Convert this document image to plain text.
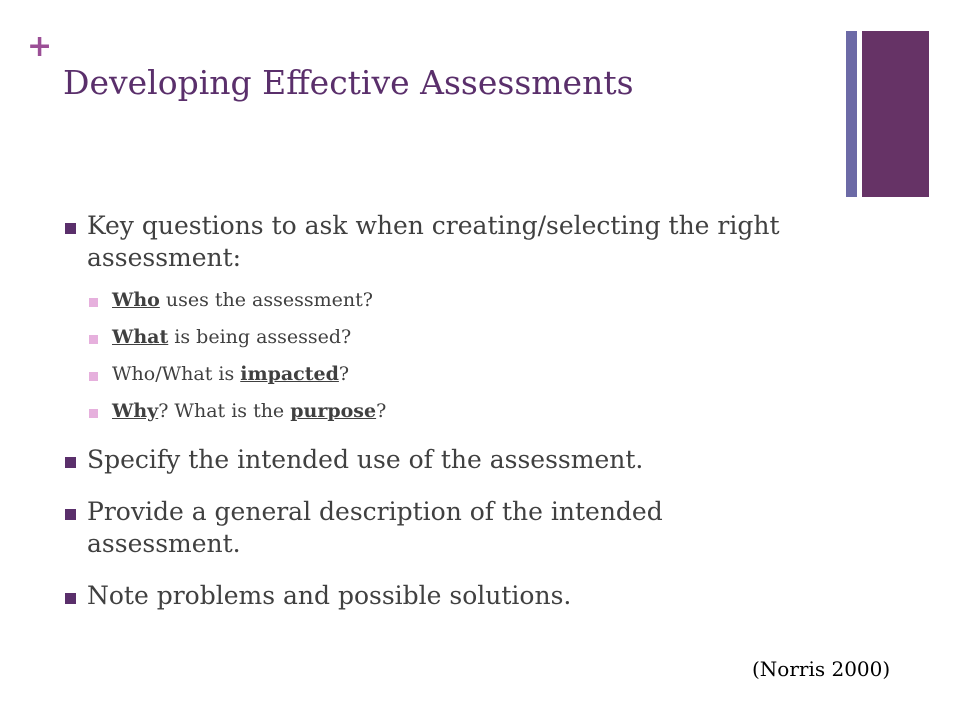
+
Developing Effective Assessments
Key questions to ask when creating/selecting the right assessment:
Who uses the assessment?
What is being assessed?
Who/What is impacted?
Why? What is the purpose?
Specify the intended use of the assessment.
Provide a general description of the intended assessment.
Note problems and possible solutions.
(Norris 2000)
